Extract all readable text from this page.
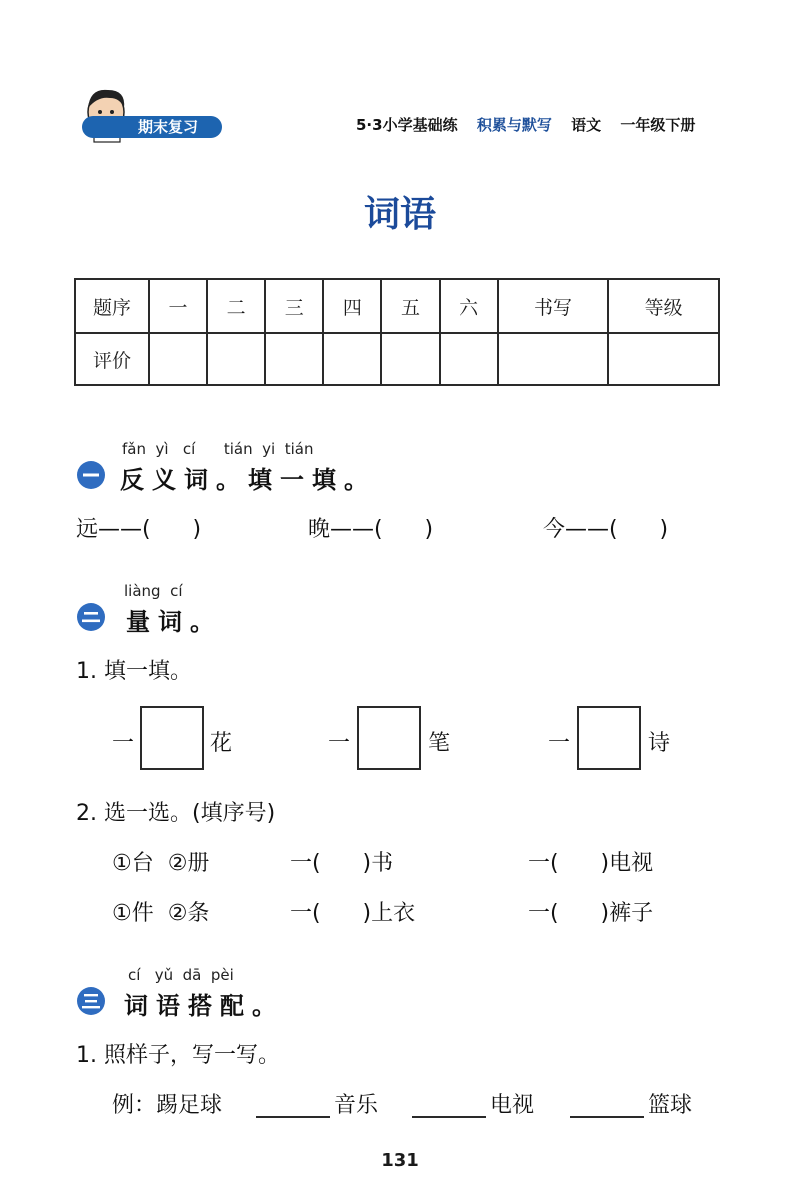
期末复习	5·3小学基础练 积累与默写 语文 一年级下册
词语
题序	一	二	三	四	五	六	书写	等级
评价								
fǎn  yì   cí      tián  yi  tián
反义词。填一填。
远——(      )	晚——(      )	今——(      )
liàng  cí
量词。
1. 填一填。
一	花	一	笔	一	诗
2. 选一选。(填序号)
①台  ②册	一(      )书	一(      )电视
①件  ②条	一(      )上衣	一(      )裤子
cí   yǔ  dā  pèi
词语搭配。
1. 照样子，写一写。
例：踢足球	音乐	电视	篮球
131
